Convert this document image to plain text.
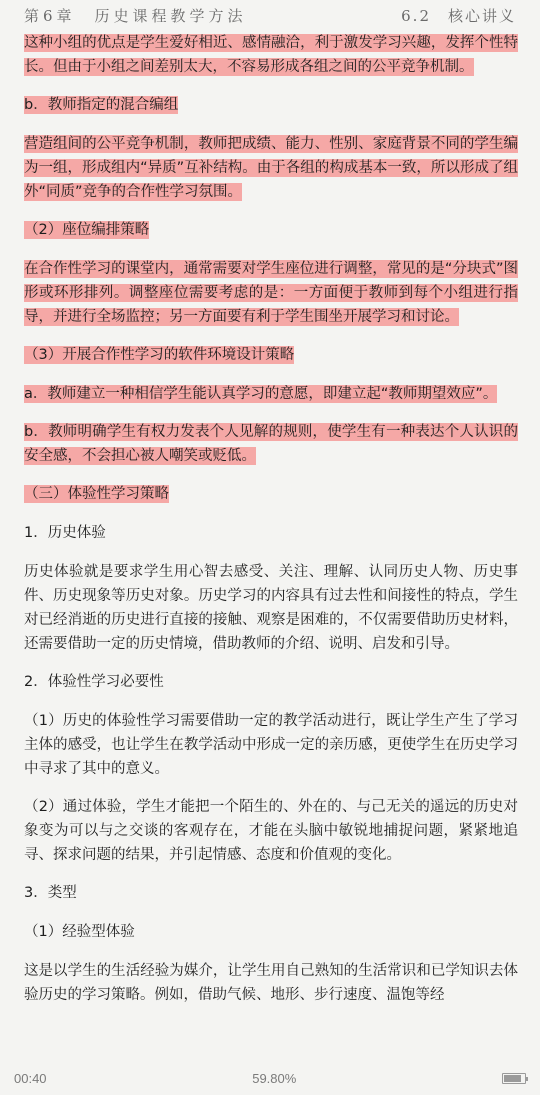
第6章　历史课程教学方法	6.2　核心讲义

这种小组的优点是学生爱好相近、感情融洽，利于激发学习兴趣，发挥个性特长。但由于小组之间差别太大，不容易形成各组之间的公平竞争机制。

b．教师指定的混合编组

营造组间的公平竞争机制，教师把成绩、能力、性别、家庭背景不同的学生编为一组，形成组内“异质”互补结构。由于各组的构成基本一致，所以形成了组外“同质”竞争的合作性学习氛围。

（2）座位编排策略

在合作性学习的课堂内，通常需要对学生座位进行调整，常见的是“分块式”图形或环形排列。调整座位需要考虑的是：一方面便于教师到每个小组进行指导，并进行全场监控；另一方面要有利于学生围坐开展学习和讨论。

（3）开展合作性学习的软件环境设计策略

a．教师建立一种相信学生能认真学习的意愿，即建立起“教师期望效应”。

b．教师明确学生有权力发表个人见解的规则，使学生有一种表达个人认识的安全感，不会担心被人嘲笑或贬低。

（三）体验性学习策略

1．历史体验

历史体验就是要求学生用心智去感受、关注、理解、认同历史人物、历史事件、历史现象等历史对象。历史学习的内容具有过去性和间接性的特点，学生对已经消逝的历史进行直接的接触、观察是困难的，不仅需要借助历史材料，还需要借助一定的历史情境，借助教师的介绍、说明、启发和引导。

2．体验性学习必要性

（1）历史的体验性学习需要借助一定的教学活动进行，既让学生产生了学习主体的感受，也让学生在教学活动中形成一定的亲历感，更使学生在历史学习中寻求了其中的意义。

（2）通过体验，学生才能把一个陌生的、外在的、与己无关的遥远的历史对象变为可以与之交谈的客观存在，才能在头脑中敏锐地捕捉问题，紧紧地追寻、探求问题的结果，并引起情感、态度和价值观的变化。

3．类型

（1）经验型体验

这是以学生的生活经验为媒介，让学生用自己熟知的生活常识和已学知识去体验历史的学习策略。例如，借助气候、地形、步行速度、温饱等经

00:40	59.80%
